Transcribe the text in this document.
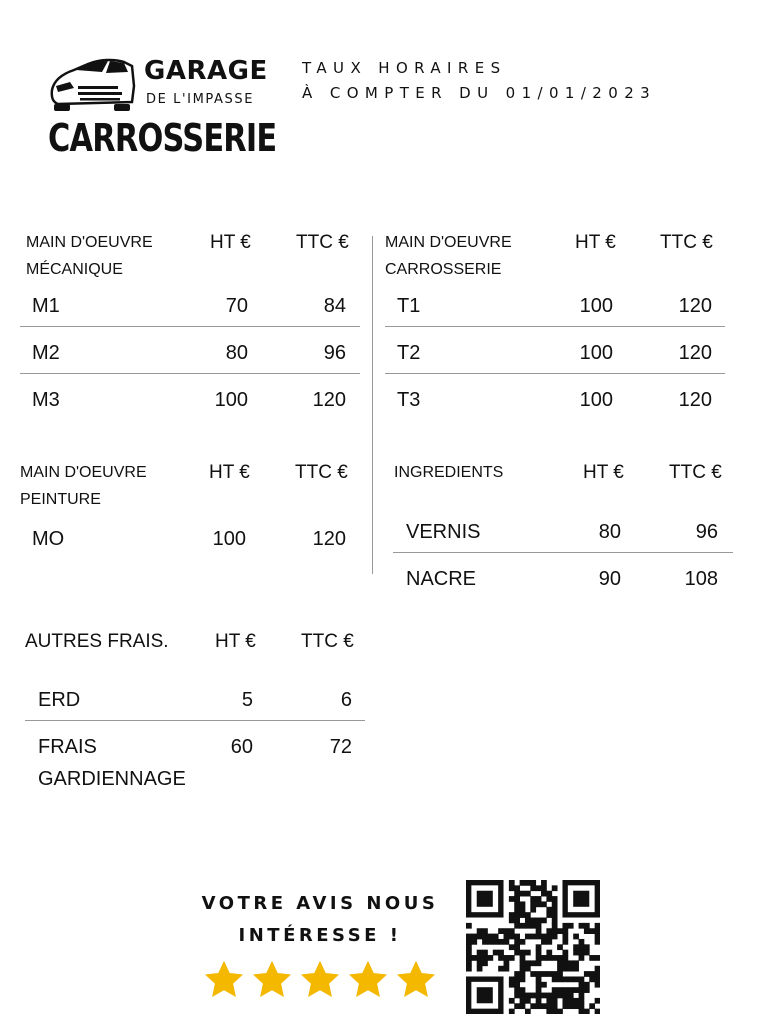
GARAGE
DE L'IMPASSE
CARROSSERIE
TAUX HORAIRES
À COMPTER DU 01/01/2023
MAIN D'OEUVRE
MÉCANIQUE
HT € TTC €
M1	70	84
M2	80	96
M3	100	120
MAIN D'OEUVRE
CARROSSERIE
HT € TTC €
T1	100	120
T2	100	120
T3	100	120
MAIN D'OEUVRE
PEINTURE
HT € TTC €
MO	100	120
INGREDIENTS	HT € TTC €
VERNIS	80	96
NACRE	90	108
AUTRES FRAIS. HT € TTC €
ERD	5	6
FRAIS
GARDIENNAGE
60	72
VOTRE AVIS NOUS
INTÉRESSE !
